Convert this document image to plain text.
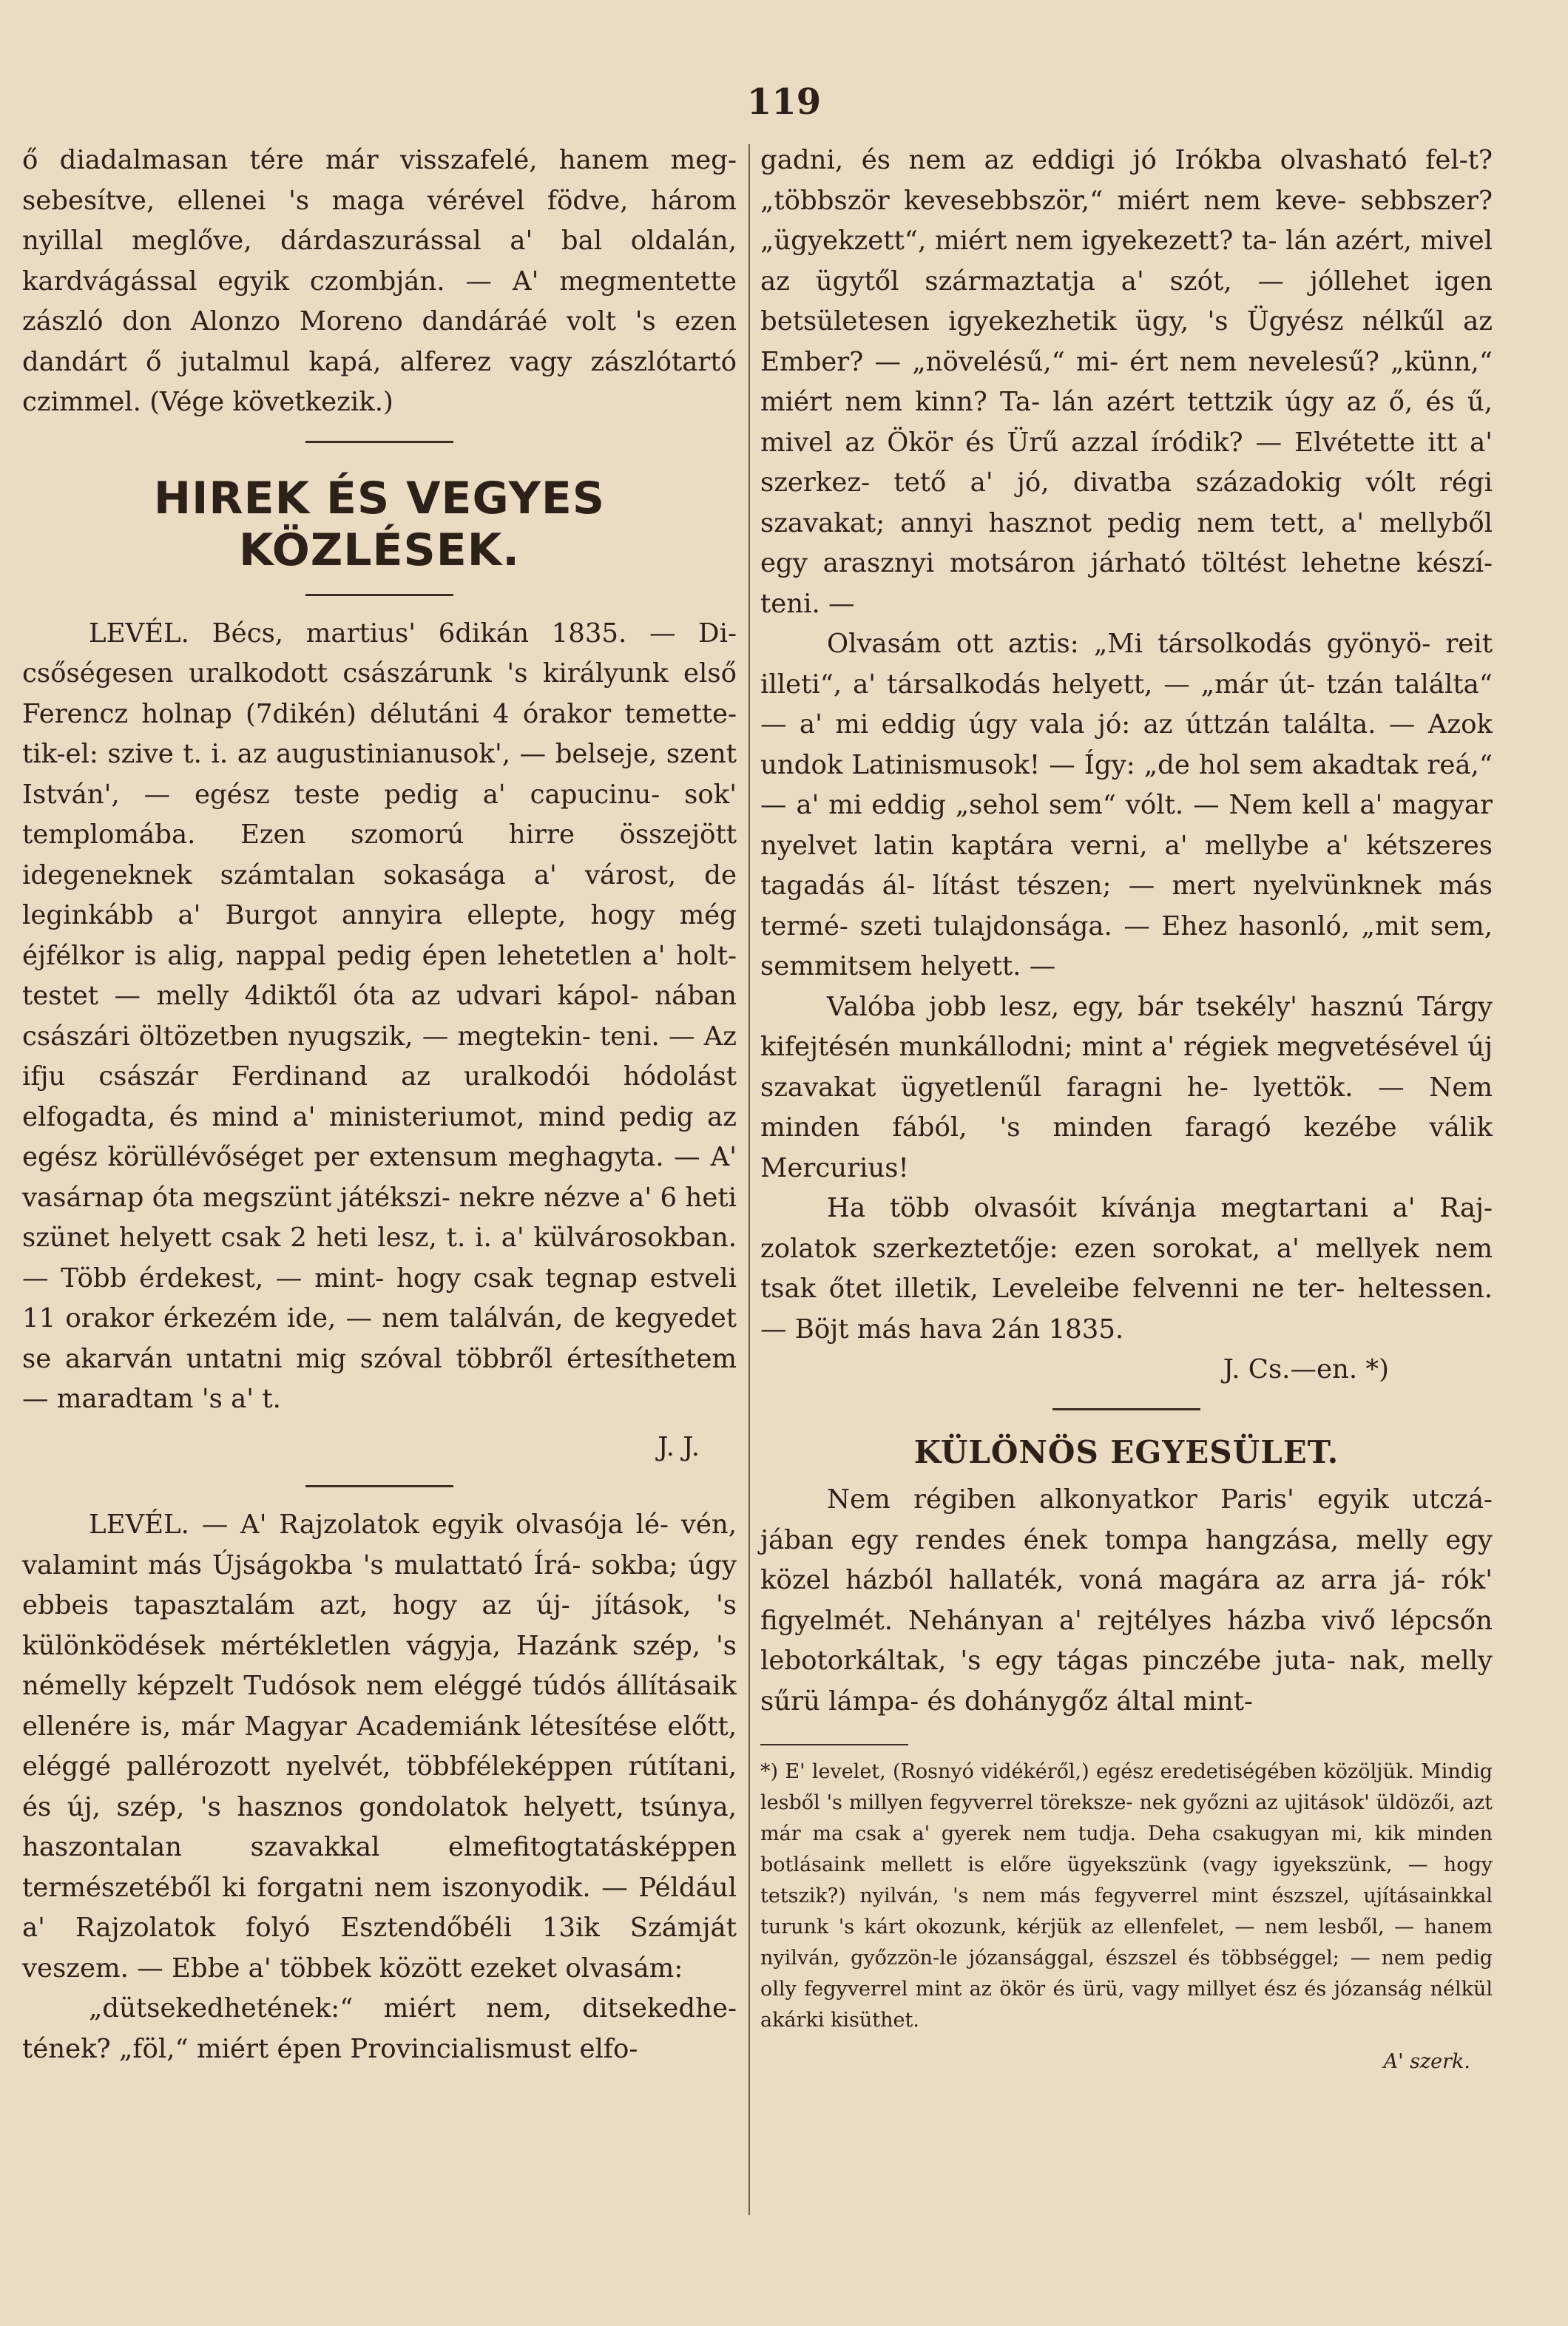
119

ő diadalmasan tére már visszafelé, hanem meg- sebesítve, ellenei 's maga vérével födve, három nyillal meglőve, dárdaszurással a' bal oldalán, kardvágással egyik czombján. — A' megmentette zászló don Alonzo Moreno dandáráé volt 's ezen dandárt ő jutalmul kapá, alferez vagy zászlótartó czimmel. (Vége következik.)

HIREK ÉS VEGYES KÖZLÉSEK.

LEVÉL. Bécs, martius' 6dikán 1835. — Di- csőségesen uralkodott császárunk 's királyunk első Ferencz holnap (7dikén) délutáni 4 órakor temette- tik-el: szive t. i. az augustinianusok', — belseje, szent István', — egész teste pedig a' capucinu- sok' templomába. Ezen szomorú hirre összejött idegeneknek számtalan sokasága a' várost, de leginkább a' Burgot annyira ellepte, hogy még éjfélkor is alig, nappal pedig épen lehetetlen a' holt-testet — melly 4diktől óta az udvari kápol- nában császári öltözetben nyugszik, — megtekin- teni. — Az ifju császár Ferdinand az uralkodói hódolást elfogadta, és mind a' ministeriumot, mind pedig az egész körüllévőséget per extensum meghagyta. — A' vasárnap óta megszünt játékszi- nekre nézve a' 6 heti szünet helyett csak 2 heti lesz, t. i. a' külvárosokban. — Több érdekest, — mint- hogy csak tegnap estveli 11 orakor érkezém ide, — nem találván, de kegyedet se akarván untatni mig szóval többről értesíthetem — maradtam 's a' t.

J. J.

LEVÉL. — A' Rajzolatok egyik olvasója lé- vén, valamint más Újságokba 's mulattató Írá- sokba; úgy ebbeis tapasztalám azt, hogy az új- jítások, 's különködések mértékletlen vágyja, Hazánk szép, 's némelly képzelt Tudósok nem eléggé túdós állításaik ellenére is, már Magyar Academiánk létesítése előtt, eléggé pallérozott nyelvét, többféleképpen rútítani, és új, szép, 's hasznos gondolatok helyett, tsúnya, haszontalan szavakkal elmefitogtatásképpen természetéből ki forgatni nem iszonyodik. — Például a' Rajzolatok folyó Esztendőbéli 13ik Számját veszem. — Ebbe a' többek között ezeket olvasám:

„dütsekedhetének:“ miért nem, ditsekedhe- tének? „föl,“ miért épen Provincialismust elfo-

gadni, és nem az eddigi jó Irókba olvasható fel-t? „többször kevesebbször,“ miért nem keve- sebbszer? „ügyekzett“, miért nem igyekezett? ta- lán azért, mivel az ügytől származtatja a' szót, — jóllehet igen betsületesen igyekezhetik ügy, 's Ügyész nélkűl az Ember? — „növelésű,“ mi- ért nem nevelesű? „künn,“ miért nem kinn? Ta- lán azért tettzik úgy az ő, és ű, mivel az Ökör és Ürű azzal íródik? — Elvétette itt a' szerkez- tető a' jó, divatba századokig vólt régi szavakat; annyi hasznot pedig nem tett, a' mellyből egy arasznyi motsáron járható töltést lehetne készí- teni. —

Olvasám ott aztis: „Mi társolkodás gyönyö- reit illeti“, a' társalkodás helyett, — „már út- tzán találta“ — a' mi eddig úgy vala jó: az úttzán találta. — Azok undok Latinismusok! — Így: „de hol sem akadtak reá,“ — a' mi eddig „sehol sem“ vólt. — Nem kell a' magyar nyelvet latin kaptára verni, a' mellybe a' kétszeres tagadás ál- lítást tészen; — mert nyelvünknek más termé- szeti tulajdonsága. — Ehez hasonló, „mit sem, semmitsem helyett. —

Valóba jobb lesz, egy, bár tsekély' hasznú Tárgy kifejtésén munkállodni; mint a' régiek megvetésével új szavakat ügyetlenűl faragni he- lyettök. — Nem minden fából, 's minden faragó kezébe válik Mercurius!

Ha több olvasóit kívánja megtartani a' Raj- zolatok szerkeztetője: ezen sorokat, a' mellyek nem tsak őtet illetik, Leveleibe felvenni ne ter- heltessen. — Böjt más hava 2án 1835.

J. Cs.—en. *)
KÜLÖNÖS EGYESÜLET.

Nem régiben alkonyatkor Paris' egyik utczá- jában egy rendes ének tompa hangzása, melly egy közel házból hallaték, voná magára az arra já- rók' figyelmét. Nehányan a' rejtélyes házba vivő lépcsőn lebotorkáltak, 's egy tágas pinczébe juta- nak, melly sűrü lámpa- és dohánygőz által mint-

*) E' levelet, (Rosnyó vidékéről,) egész eredetiségében közöljük. Mindig lesből 's millyen fegyverrel töreksze- nek győzni az ujitások' üldözői, azt már ma csak a' gyerek nem tudja. Deha csakugyan mi, kik minden botlásaink mellett is előre ügyekszünk (vagy igyekszünk, — hogy tetszik?) nyilván, 's nem más fegyverrel mint észszel, ujításainkkal turunk 's kárt okozunk, kérjük az ellenfelet, — nem lesből, — hanem nyilván, győzzön-le józansággal, észszel és többséggel; — nem pedig olly fegyverrel mint az ökör és ürü, vagy millyet ész és józanság nélkül akárki kisüthet.

A' szerk.
